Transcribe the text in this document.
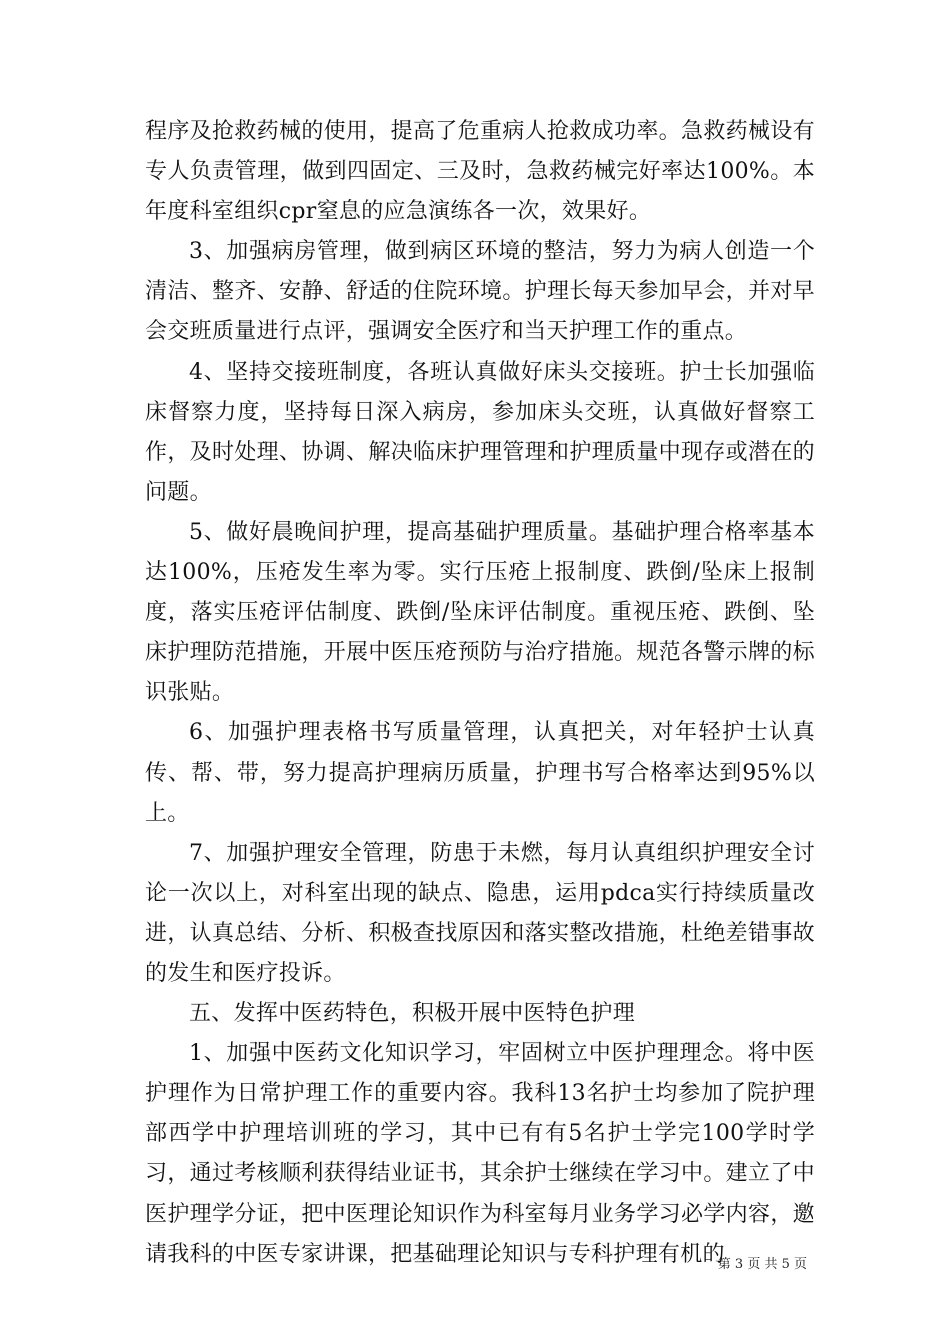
程序及抢救药械的使用，提高了危重病人抢救成功率。急救药械设有专人负责管理，做到四固定、三及时，急救药械完好率达100%。本年度科室组织cpr窒息的应急演练各一次，效果好。

3、加强病房管理，做到病区环境的整洁，努力为病人创造一个清洁、整齐、安静、舒适的住院环境。护理长每天参加早会，并对早会交班质量进行点评，强调安全医疗和当天护理工作的重点。

4、坚持交接班制度，各班认真做好床头交接班。护士长加强临床督察力度，坚持每日深入病房，参加床头交班，认真做好督察工作，及时处理、协调、解决临床护理管理和护理质量中现存或潜在的问题。

5、做好晨晚间护理，提高基础护理质量。基础护理合格率基本达100%，压疮发生率为零。实行压疮上报制度、跌倒/坠床上报制度，落实压疮评估制度、跌倒/坠床评估制度。重视压疮、跌倒、坠床护理防范措施，开展中医压疮预防与治疗措施。规范各警示牌的标识张贴。

6、加强护理表格书写质量管理，认真把关，对年轻护士认真传、帮、带，努力提高护理病历质量，护理书写合格率达到95%以上。

7、加强护理安全管理，防患于未燃，每月认真组织护理安全讨论一次以上，对科室出现的缺点、隐患，运用pdca实行持续质量改进，认真总结、分析、积极查找原因和落实整改措施，杜绝差错事故的发生和医疗投诉。

五、发挥中医药特色，积极开展中医特色护理

1、加强中医药文化知识学习，牢固树立中医护理理念。将中医护理作为日常护理工作的重要内容。我科13名护士均参加了院护理部西学中护理培训班的学习，其中已有有5名护士学完100学时学习，通过考核顺利获得结业证书，其余护士继续在学习中。建立了中医护理学分证，把中医理论知识作为科室每月业务学习必学内容，邀请我科的中医专家讲课，把基础理论知识与专科护理有机的

第 3 页 共 5 页
